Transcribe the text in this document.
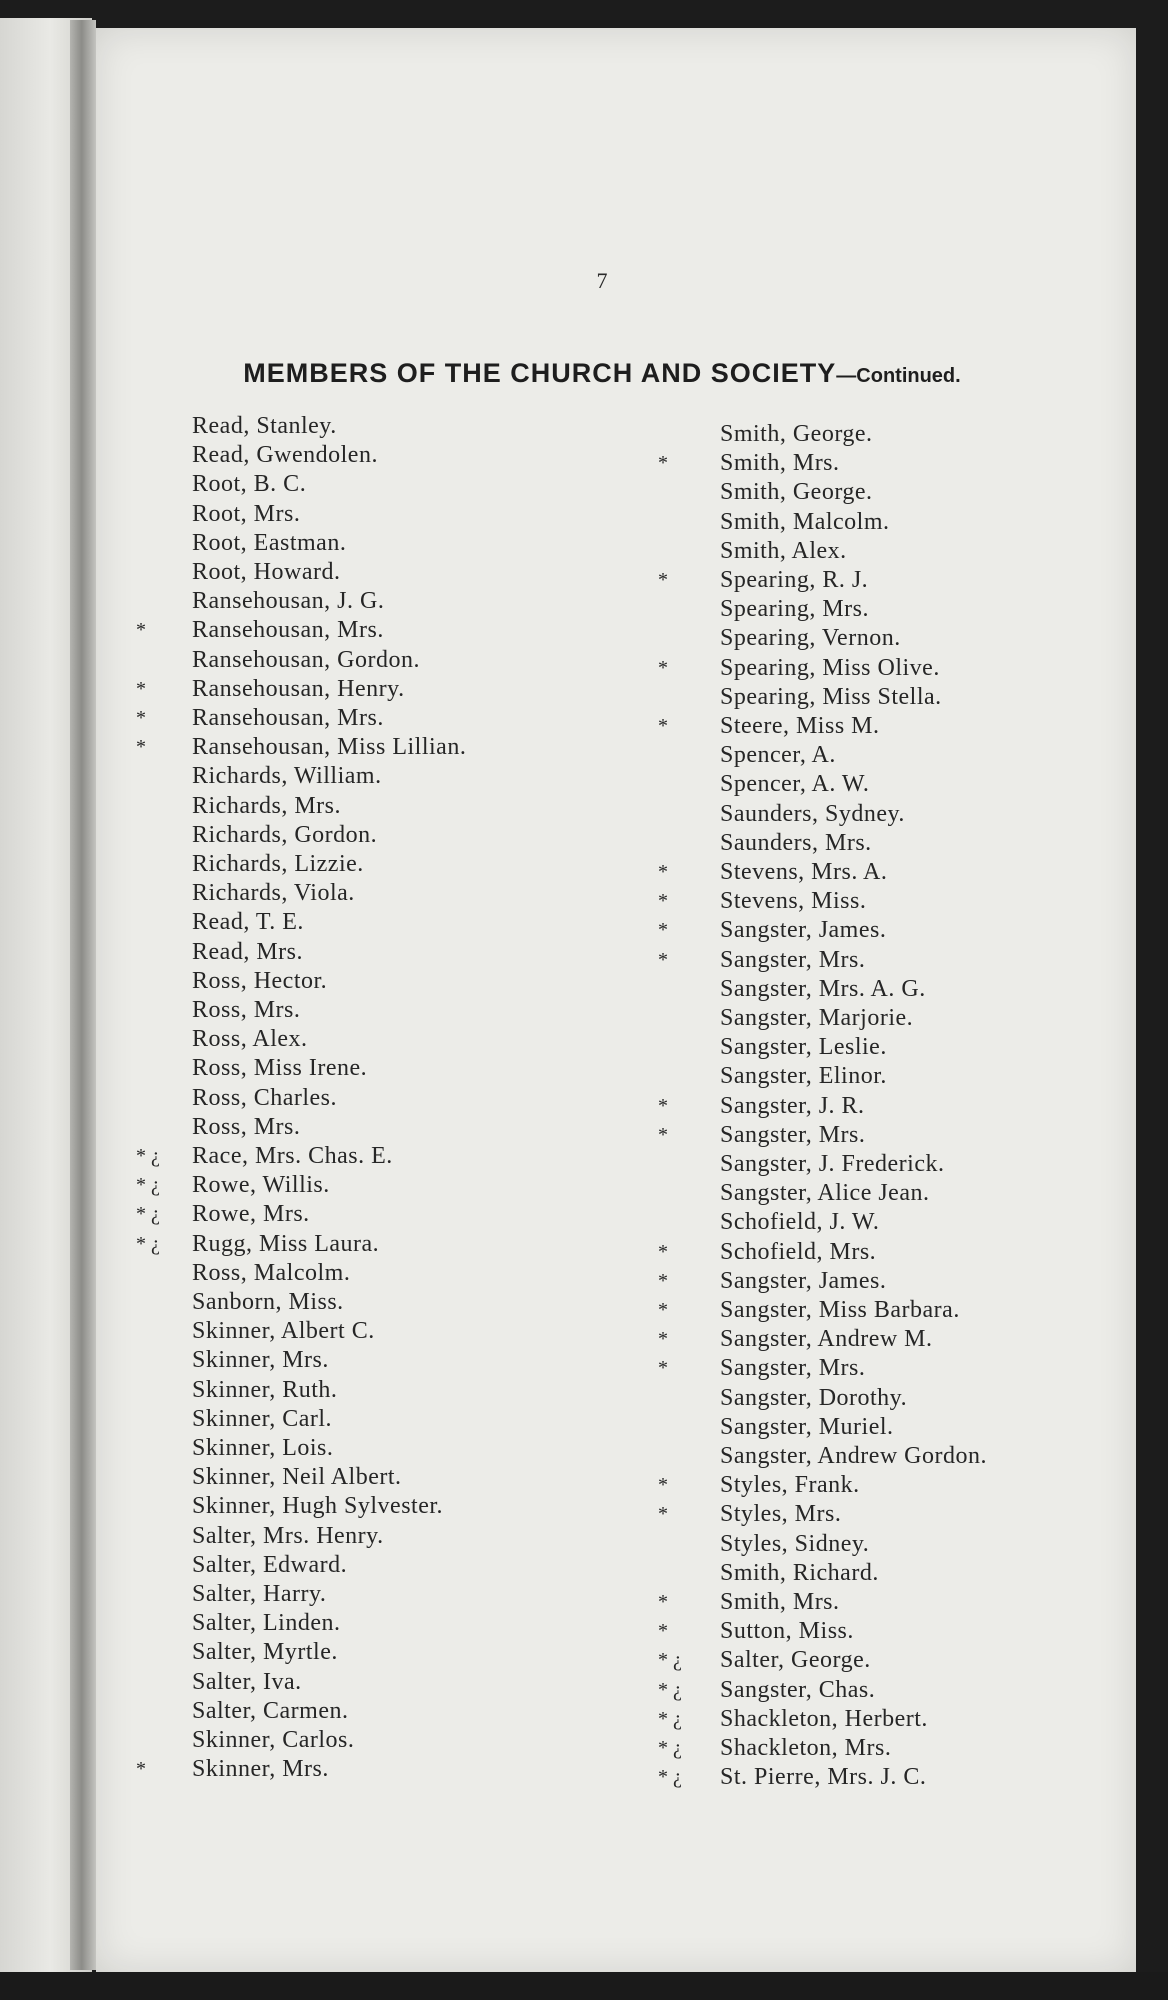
7
MEMBERS OF THE CHURCH AND SOCIETY—Continued.
Read, Stanley.
Read, Gwendolen.
Root, B. C.
Root, Mrs.
Root, Eastman.
Root, Howard.
Ransehousan, J. G.
* Ransehousan, Mrs.
Ransehousan, Gordon.
* Ransehousan, Henry.
* Ransehousan, Mrs.
* Ransehousan, Miss Lillian.
Richards, William.
Richards, Mrs.
Richards, Gordon.
Richards, Lizzie.
Richards, Viola.
Read, T. E.
Read, Mrs.
Ross, Hector.
Ross, Mrs.
Ross, Alex.
Ross, Miss Irene.
Ross, Charles.
Ross, Mrs.
* ¿ Race, Mrs. Chas. E.
* ¿ Rowe, Willis.
* ¿ Rowe, Mrs.
* ¿ Rugg, Miss Laura.
Ross, Malcolm.
Sanborn, Miss.
Skinner, Albert C.
Skinner, Mrs.
Skinner, Ruth.
Skinner, Carl.
Skinner, Lois.
Skinner, Neil Albert.
Skinner, Hugh Sylvester.
Salter, Mrs. Henry.
Salter, Edward.
Salter, Harry.
Salter, Linden.
Salter, Myrtle.
Salter, Iva.
Salter, Carmen.
Skinner, Carlos.
* Skinner, Mrs.
Smith, George.
* Smith, Mrs.
Smith, George.
Smith, Malcolm.
Smith, Alex.
* Spearing, R. J.
Spearing, Mrs.
Spearing, Vernon.
* Spearing, Miss Olive.
Spearing, Miss Stella.
* Steere, Miss M.
Spencer, A.
Spencer, A. W.
Saunders, Sydney.
Saunders, Mrs.
* Stevens, Mrs. A.
* Stevens, Miss.
* Sangster, James.
* Sangster, Mrs.
Sangster, Mrs. A. G.
Sangster, Marjorie.
Sangster, Leslie.
Sangster, Elinor.
* Sangster, J. R.
* Sangster, Mrs.
Sangster, J. Frederick.
Sangster, Alice Jean.
Schofield, J. W.
* Schofield, Mrs.
* Sangster, James.
* Sangster, Miss Barbara.
* Sangster, Andrew M.
* Sangster, Mrs.
Sangster, Dorothy.
Sangster, Muriel.
Sangster, Andrew Gordon.
* Styles, Frank.
* Styles, Mrs.
Styles, Sidney.
Smith, Richard.
* Smith, Mrs.
* Sutton, Miss.
* ¿ Salter, George.
* ¿ Sangster, Chas.
* ¿ Shackleton, Herbert.
* ¿ Shackleton, Mrs.
* ¿ St. Pierre, Mrs. J. C.
